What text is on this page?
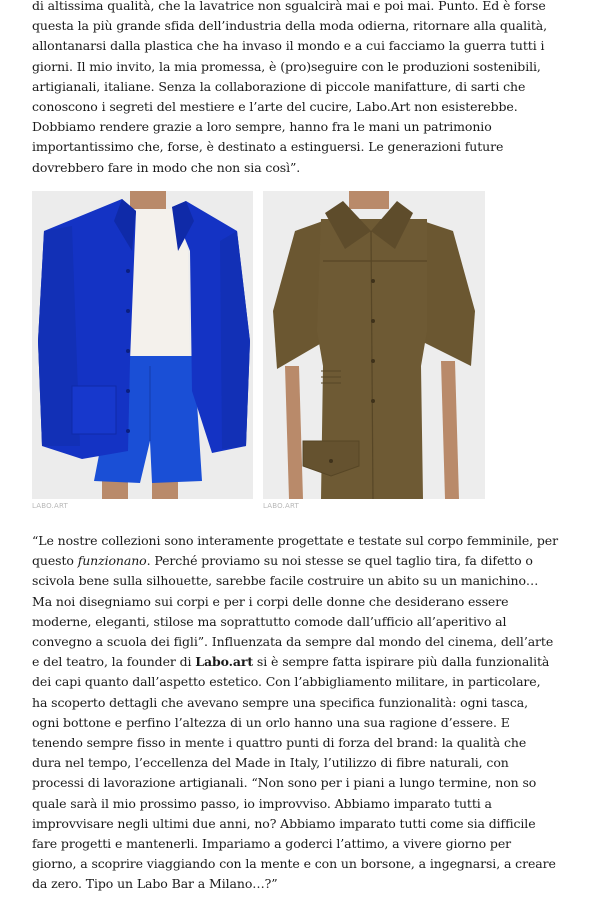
di altissima qualità, che la lavatrice non sgualcirà mai e poi mai. Punto. Ed è forse
questa la più grande sfida dell’industria della moda odierna, ritornare alla qualità,
allontanarsi dalla plastica che ha invaso il mondo e a cui facciamo la guerra tutti i
giorni. Il mio invito, la mia promessa, è (pro)seguire con le produzioni sostenibili,
artigianali, italiane. Senza la collaborazione di piccole manifatture, di sarti che
conoscono i segreti del mestiere e l’arte del cucire, Labo.Art non esisterebbe.
Dobbiamo rendere grazie a loro sempre, hanno fra le mani un patrimonio
importantissimo che, forse, è destinato a estinguersi. Le generazioni future
dovrebbero fare in modo che non sia così”.

LABO.ART	LABO.ART

“Le nostre collezioni sono interamente progettate e testate sul corpo femminile, per
questo funzionano. Perché proviamo su noi stesse se quel taglio tira, fa difetto o
scivola bene sulla silhouette, sarebbe facile costruire un abito su un manichino…
Ma noi disegniamo sui corpi e per i corpi delle donne che desiderano essere
moderne, eleganti, stilose ma soprattutto comode dall’ufficio all’aperitivo al
convegno a scuola dei figli”. Influenzata da sempre dal mondo del cinema, dell’arte
e del teatro, la founder di Labo.art si è sempre fatta ispirare più dalla funzionalità
dei capi quanto dall’aspetto estetico. Con l’abbigliamento militare, in particolare,
ha scoperto dettagli che avevano sempre una specifica funzionalità: ogni tasca,
ogni bottone e perfino l’altezza di un orlo hanno una sua ragione d’essere. E
tenendo sempre fisso in mente i quattro punti di forza del brand: la qualità che
dura nel tempo, l’eccellenza del Made in Italy, l’utilizzo di fibre naturali, con
processi di lavorazione artigianali. “Non sono per i piani a lungo termine, non so
quale sarà il mio prossimo passo, io improvviso. Abbiamo imparato tutti a
improvvisare negli ultimi due anni, no? Abbiamo imparato tutti come sia difficile
fare progetti e mantenerli. Impariamo a goderci l’attimo, a vivere giorno per
giorno, a scoprire viaggiando con la mente e con un borsone, a ingegnarsi, a creare
da zero. Tipo un Labo Bar a Milano…?”
